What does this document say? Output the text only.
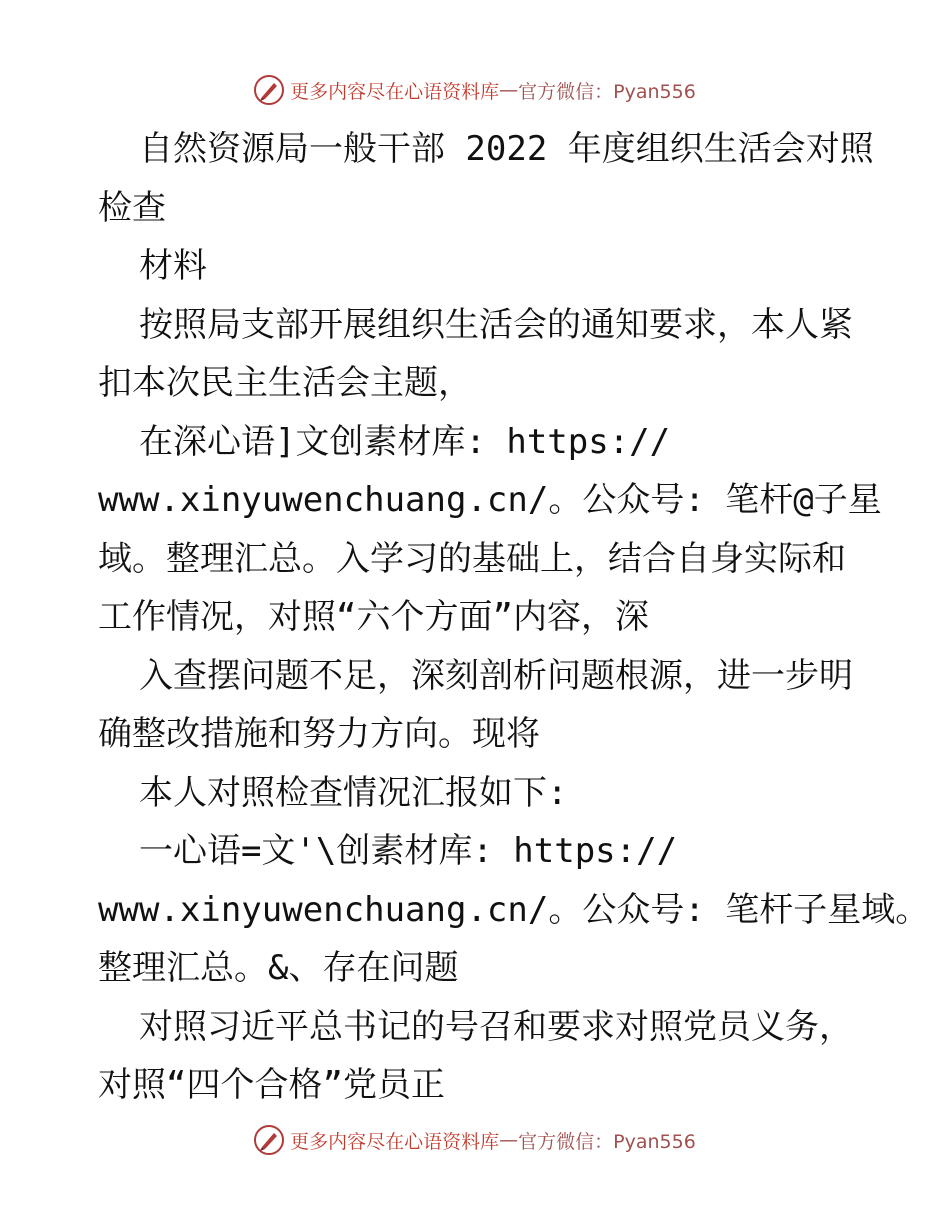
更多内容尽在心语资料库 — 官方微信：Pyan556
自然资源局一般干部 2022 年度组织生活会对照
检查
材料
按照局支部开展组织生活会的通知要求，本人紧
扣本次民主生活会主题，
在深心语]文创素材库: https://
www.xinyuwenchuang.cn/。公众号: 笔杆@子星
域。整理汇总。入学习的基础上，结合自身实际和
工作情况，对照“六个方面”内容，深
入查摆问题不足，深刻剖析问题根源，进一步明
确整改措施和努力方向。现将
本人对照检查情况汇报如下:
一心语=文'\创素材库: https://
www.xinyuwenchuang.cn/。公众号: 笔杆子星域。
整理汇总。&、存在问题
对照习近平总书记的号召和要求对照党员义务，
对照“四个合格”党员正
更多内容尽在心语资料库 — 官方微信：Pyan556
